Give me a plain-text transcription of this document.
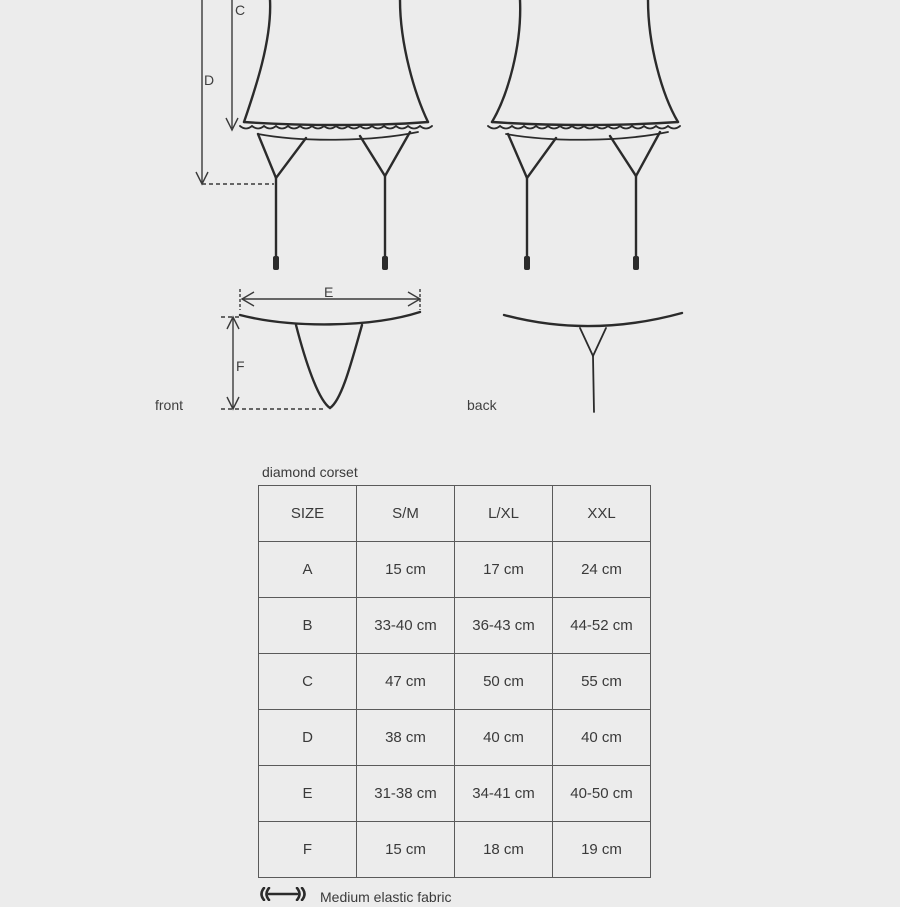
C
D
E
F
front	back
diamond corset
SIZE	S/M	L/XL	XXL
A	15 cm	17 cm	24 cm
B	33-40 cm	36-43 cm	44-52 cm
C	47 cm	50 cm	55 cm
D	38 cm	40 cm	40 cm
E	31-38 cm	34-41 cm	40-50 cm
F	15 cm	18 cm	19 cm
Medium elastic fabric
